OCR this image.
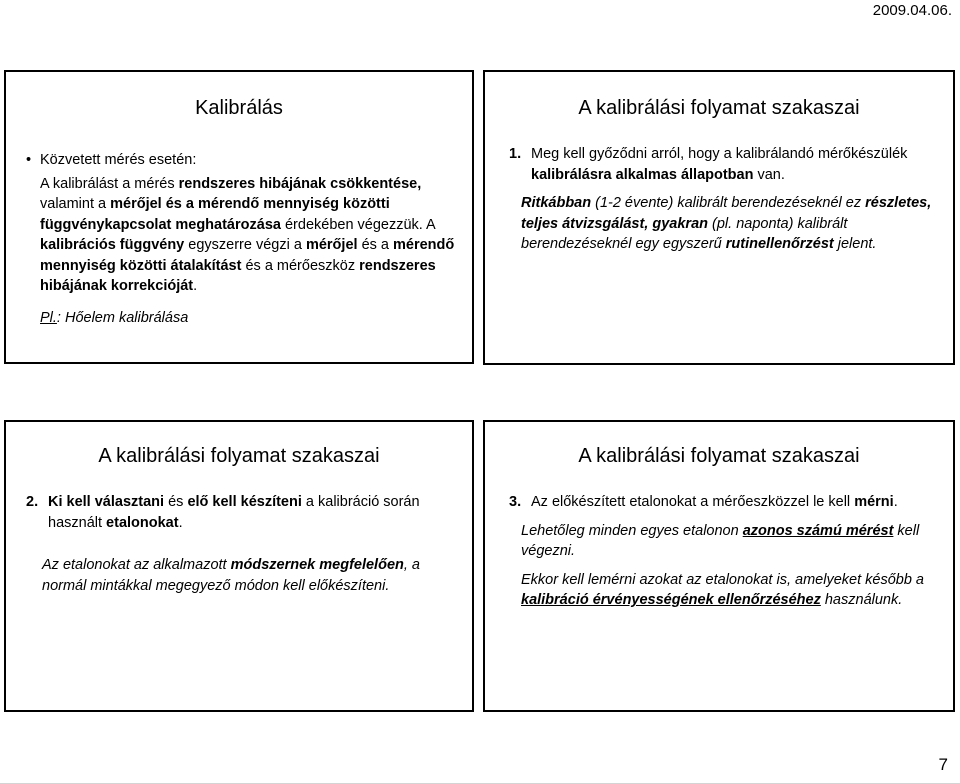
2009.04.06.
Kalibrálás
• Közvetett mérés esetén:

A kalibrálást a mérés rendszeres hibájának csökkentése, valamint a mérőjel és a mérendő mennyiség közötti függvénykapcsolat meghatározása érdekében végezzük. A kalibrációs függvény egyszerre végzi a mérőjel és a mérendő mennyiség közötti átalakítást és a mérőeszköz rendszeres hibájának korrekcióját.

Pl.: Hőelem kalibrálása

A kalibrálási folyamat szakaszai
1. Meg kell győződni arról, hogy a kalibrálandó mérőkészülék kalibrálásra alkalmas állapotban van.

Ritkábban (1-2 évente) kalibrált berendezéseknél ez részletes, teljes átvizsgálást, gyakran (pl. naponta) kalibrált berendezéseknél egy egyszerű rutinellenőrzést jelent.

A kalibrálási folyamat szakaszai
2. Ki kell választani és elő kell készíteni a kalibráció során használt etalonokat.

Az etalonokat az alkalmazott módszernek megfelelően, a normál mintákkal megegyező módon kell előkészíteni.

A kalibrálási folyamat szakaszai
3. Az előkészített etalonokat a mérőeszközzel le kell mérni.

Lehetőleg minden egyes etalonon azonos számú mérést kell végezni.

Ekkor kell lemérni azokat az etalonokat is, amelyeket később a kalibráció érvényességének ellenőrzéséhez használunk.

7
